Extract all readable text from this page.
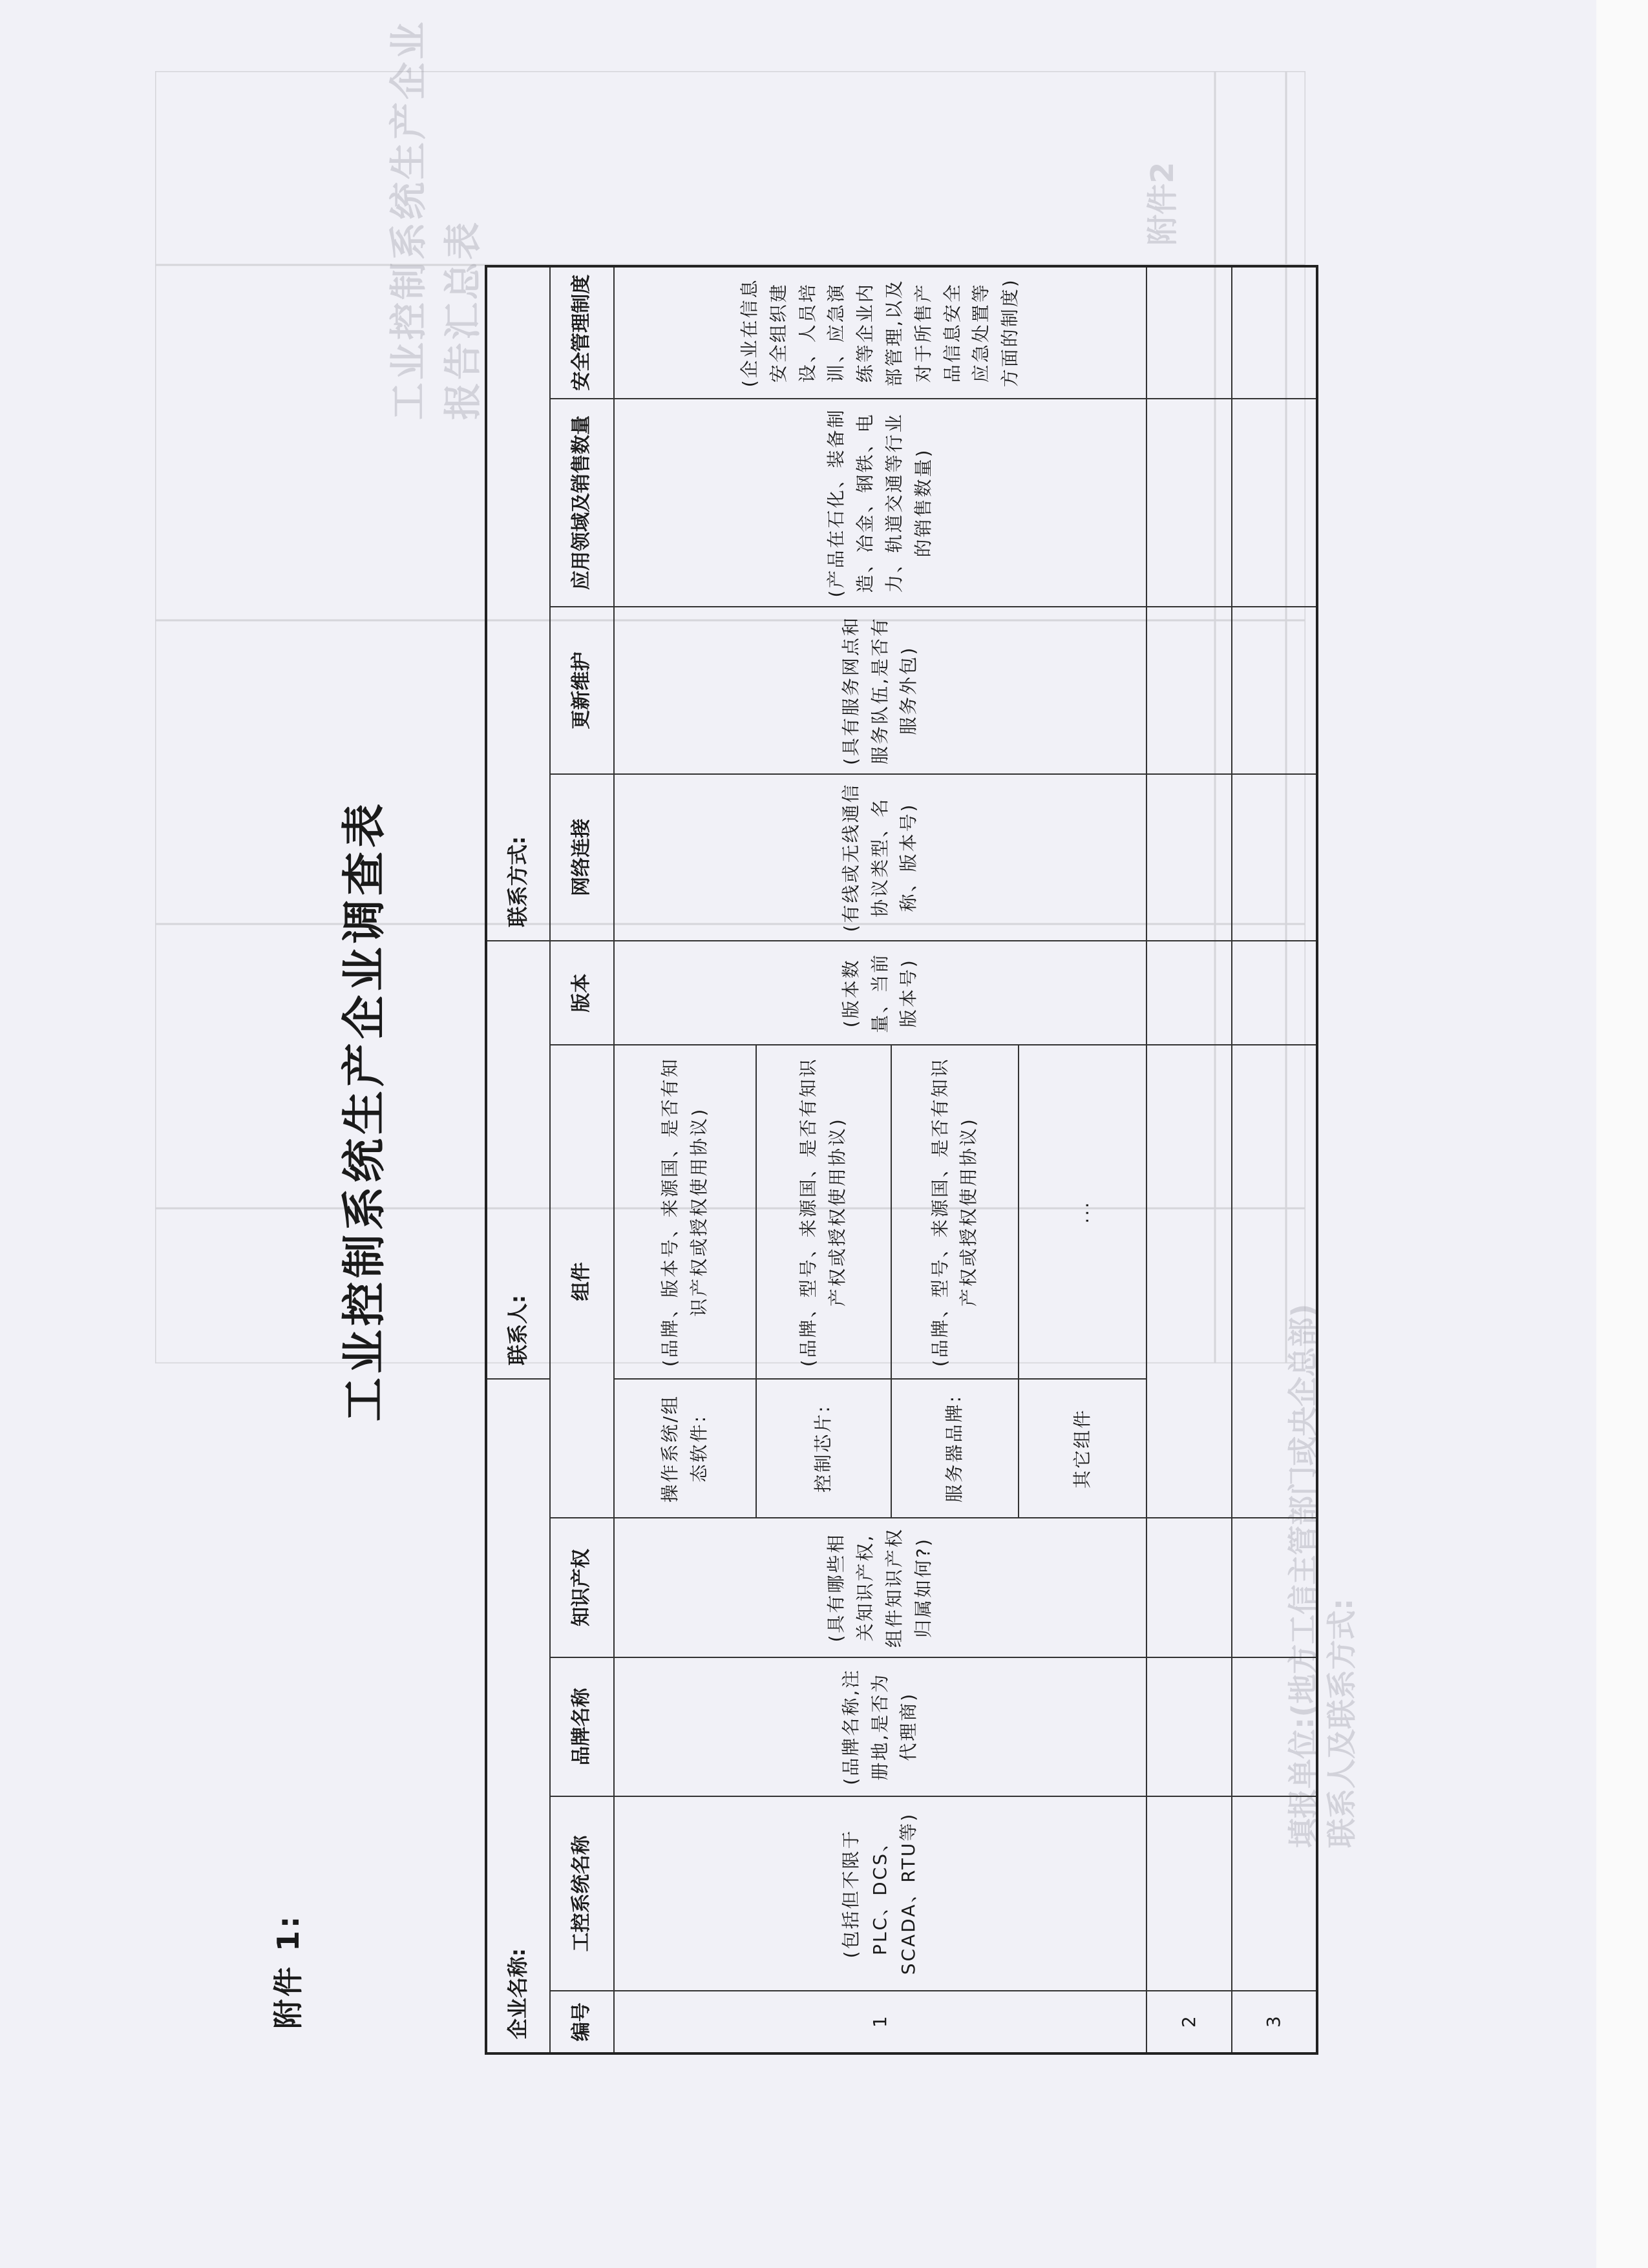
工业控制系统生产企业报告汇总表
附件2
填报单位:(地方工信主管部门或央企总部) 联系人及联系方式:
附件 1:
工业控制系统生产企业调查表
企业名称:					联系人:		联系方式:			
编号	工控系统名称	品牌名称	知识产权	组件		版本	网络连接	更新维护	应用领域及销售数量	安全管理制度
1	(包括但不限于PLC、DCS、SCADA、RTU等)	(品牌名称,注册地,是否为代理商)	(具有哪些相关知识产权,组件知识产权归属如何?)	操作系统/组态软件:	(品牌、版本号、来源国、是否有知识产权或授权使用协议)	(版本数量、当前版本号)	(有线或无线通信协议类型、名称、版本号)	(具有服务网点和服务队伍,是否有服务外包)	(产品在石化、装备制造、冶金、钢铁、电力、轨道交通等行业的销售数量)	(企业在信息安全组织建设、人员培训、应急演练等企业内部管理,以及对于所售产品信息安全应急处置等方面的制度)
				控制芯片:	(品牌、型号、来源国、是否有知识产权或授权使用协议)					
				服务器品牌:	(品牌、型号、来源国、是否有知识产权或授权使用协议)					
				其它组件	...					
2										
3										
